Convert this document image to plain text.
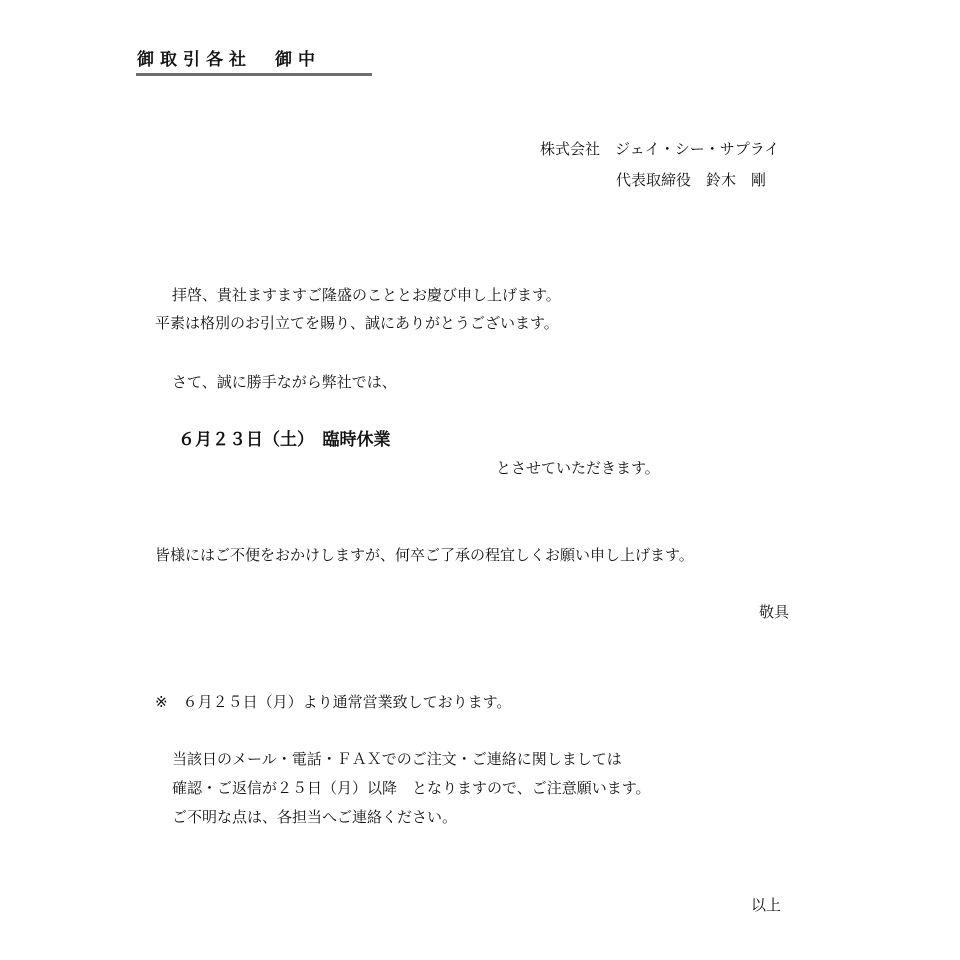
御取引各社　御中
株式会社　ジェイ・シー・サプライ
代表取締役　鈴木　剛
拝啓、貴社ますますご隆盛のこととお慶び申し上げます。
平素は格別のお引立てを賜り、誠にありがとうございます。
さて、誠に勝手ながら弊社では、
６月２３日（土）　臨時休業
とさせていただきます。
皆様にはご不便をおかけしますが、何卒ご了承の程宜しくお願い申し上げます。
敬具
※　６月２５日（月）より通常営業致しております。
当該日のメール・電話・ＦＡＸでのご注文・ご連絡に関しましては
確認・ご返信が２５日（月）以降　となりますので、ご注意願います。
ご不明な点は、各担当へご連絡ください。
以上
